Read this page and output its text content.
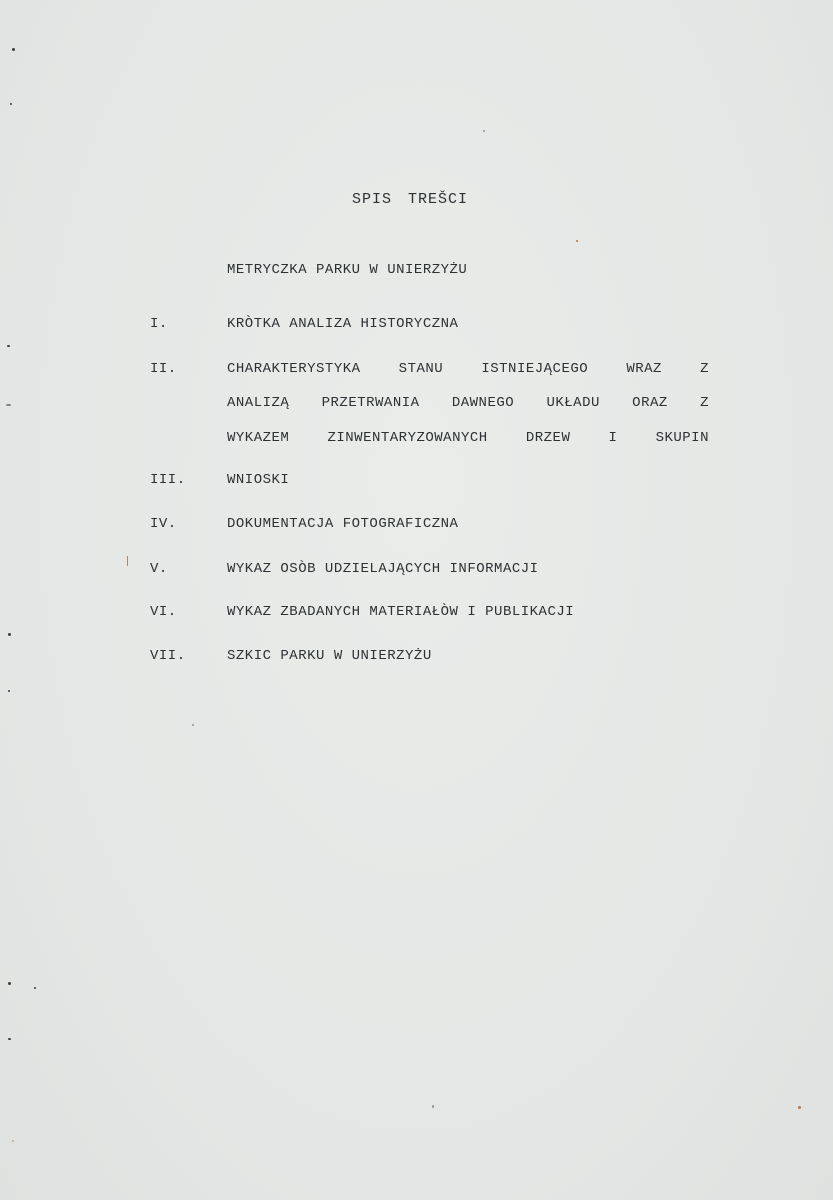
SPIS TREŠCI
METRYCZKA PARKU W UNIERZYŻU
I.	KRÒTKA ANALIZA HISTORYCZNA
II.	CHARAKTERYSTYKA STANU ISTNIEJĄCEGO WRAZ Z
ANALIZĄ PRZETRWANIA DAWNEGO UKŁADU ORAZ Z
WYKAZEM ZINWENTARYZOWANYCH DRZEW I SKUPIN
III.	WNIOSKI
IV.	DOKUMENTACJA FOTOGRAFICZNA
V.	WYKAZ OSÒB UDZIELAJĄCYCH INFORMACJI
VI.	WYKAZ ZBADANYCH MATERIAŁÒW I PUBLIKACJI
VII.	SZKIC PARKU W UNIERZYŻU
